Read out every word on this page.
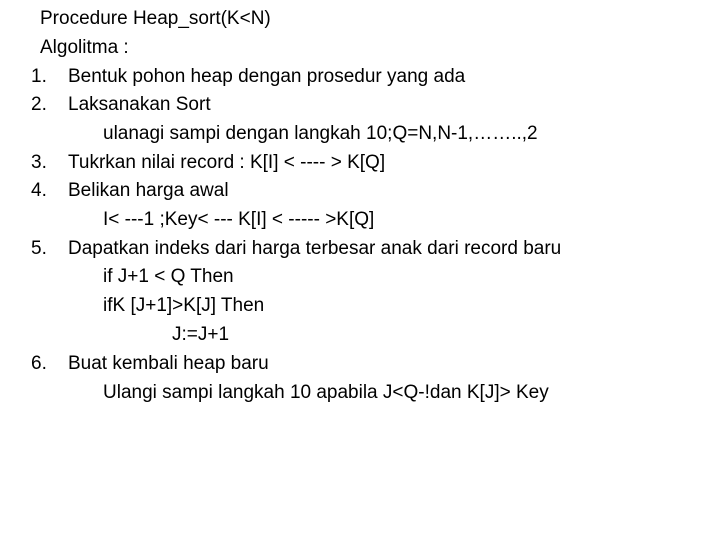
Procedure Heap_sort(K<N)
Algolitma :
1. Bentuk pohon heap dengan prosedur yang ada
2. Laksanakan Sort
ulanagi sampi dengan langkah 10;Q=N,N-1,……..,2
3. Tukrkan nilai record : K[I] < ---- > K[Q]
4. Belikan harga awal
I< ---1 ;Key< --- K[I] < ----- >K[Q]
5. Dapatkan indeks dari harga terbesar anak dari record baru
if J+1 < Q Then
ifK [J+1]>K[J] Then
J:=J+1
6. Buat kembali heap baru
Ulangi sampi langkah 10 apabila J<Q-!dan K[J]> Key
